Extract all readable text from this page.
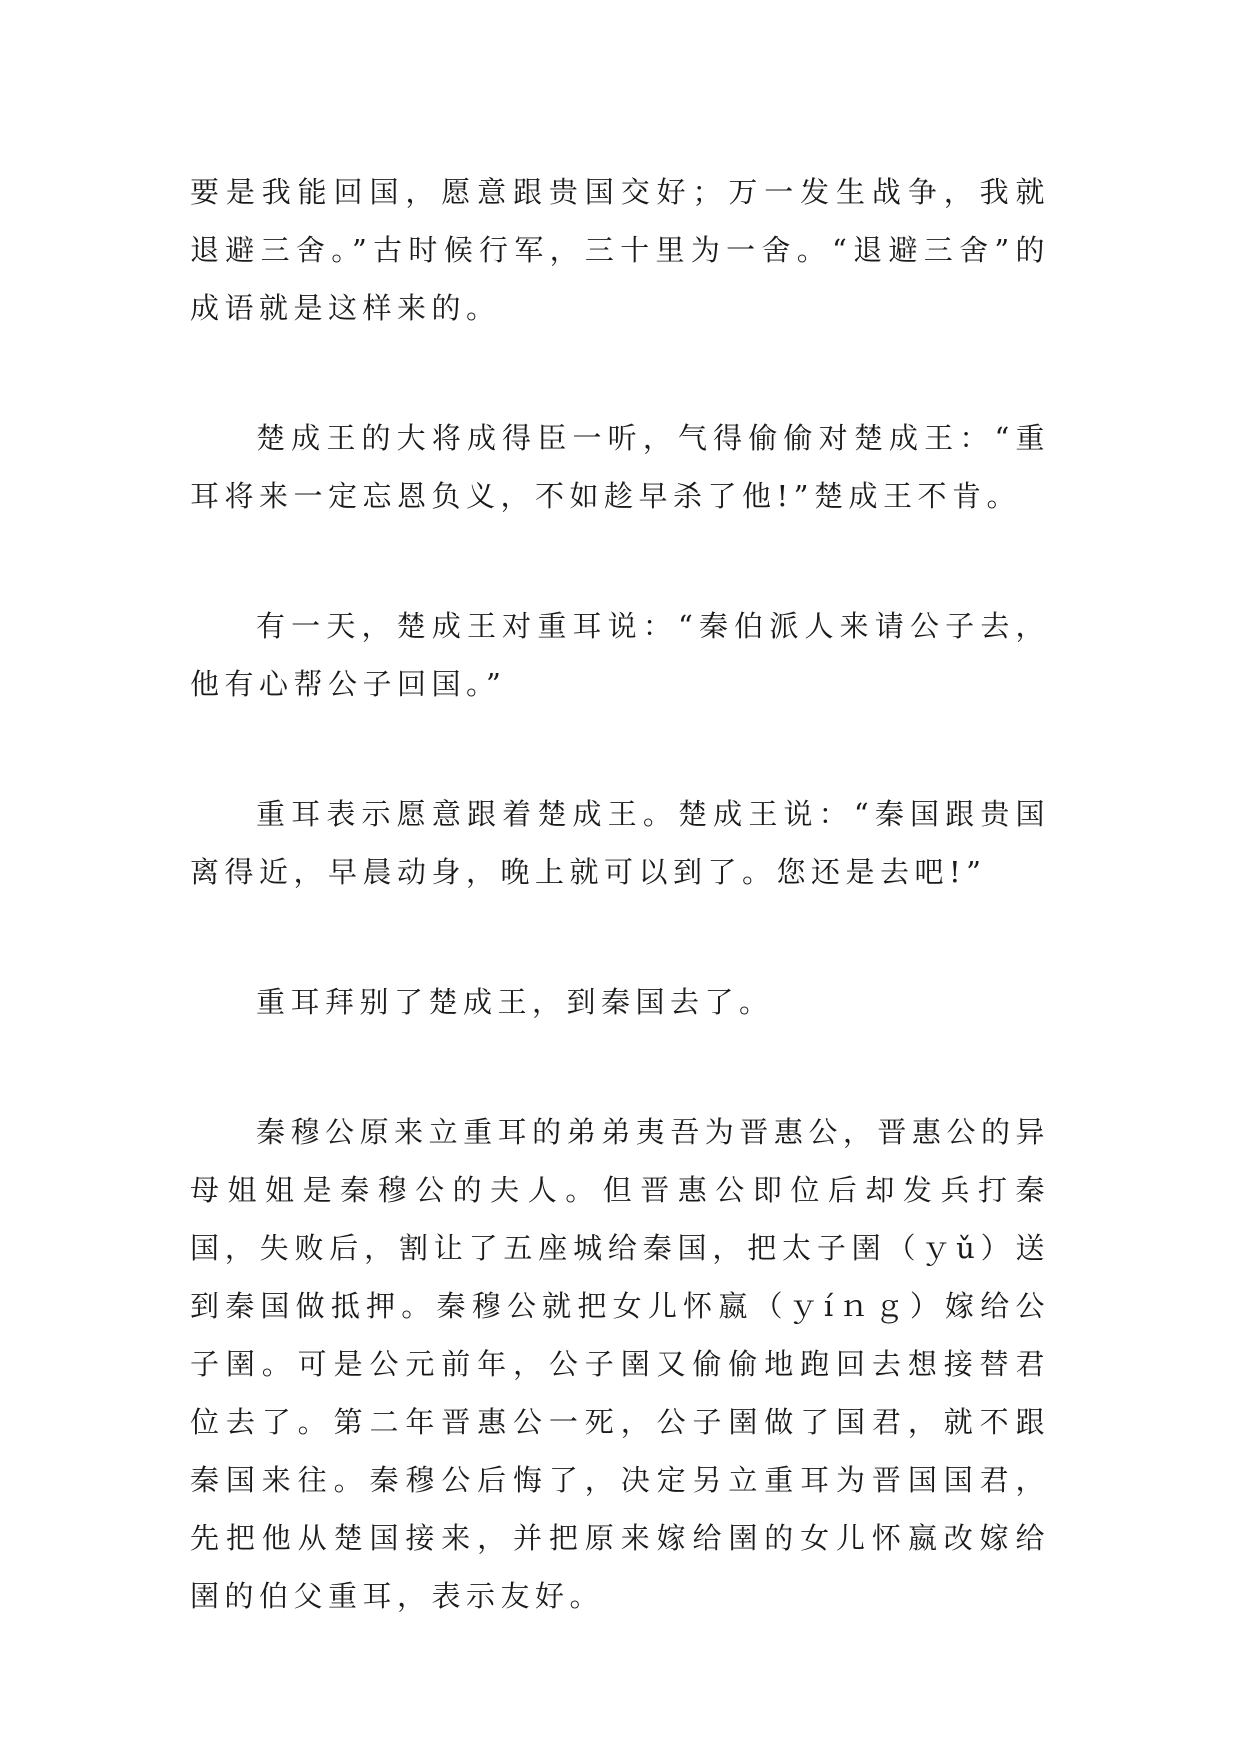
要是我能回国，愿意跟贵国交好；万一发生战争，我就退避三舍。”古时候行军，三十里为一舍。“退避三舍”的成语就是这样来的。

楚成王的大将成得臣一听，气得偷偷对楚成王：“重耳将来一定忘恩负义，不如趁早杀了他!”楚成王不肯。

有一天，楚成王对重耳说：“秦伯派人来请公子去，他有心帮公子回国。”

重耳表示愿意跟着楚成王。楚成王说：“秦国跟贵国离得近，早晨动身，晚上就可以到了。您还是去吧!”

重耳拜别了楚成王，到秦国去了。

秦穆公原来立重耳的弟弟夷吾为晋惠公，晋惠公的异母姐姐是秦穆公的夫人。但晋惠公即位后却发兵打秦国，失败后，割让了五座城给秦国，把太子圉（ｙǔ）送到秦国做抵押。秦穆公就把女儿怀嬴（ｙíｎｇ）嫁给公子圉。可是公元前年，公子圉又偷偷地跑回去想接替君位去了。第二年晋惠公一死，公子圉做了国君，就不跟秦国来往。秦穆公后悔了，决定另立重耳为晋国国君，先把他从楚国接来，并把原来嫁给圉的女儿怀嬴改嫁给圉的伯父重耳，表示友好。
